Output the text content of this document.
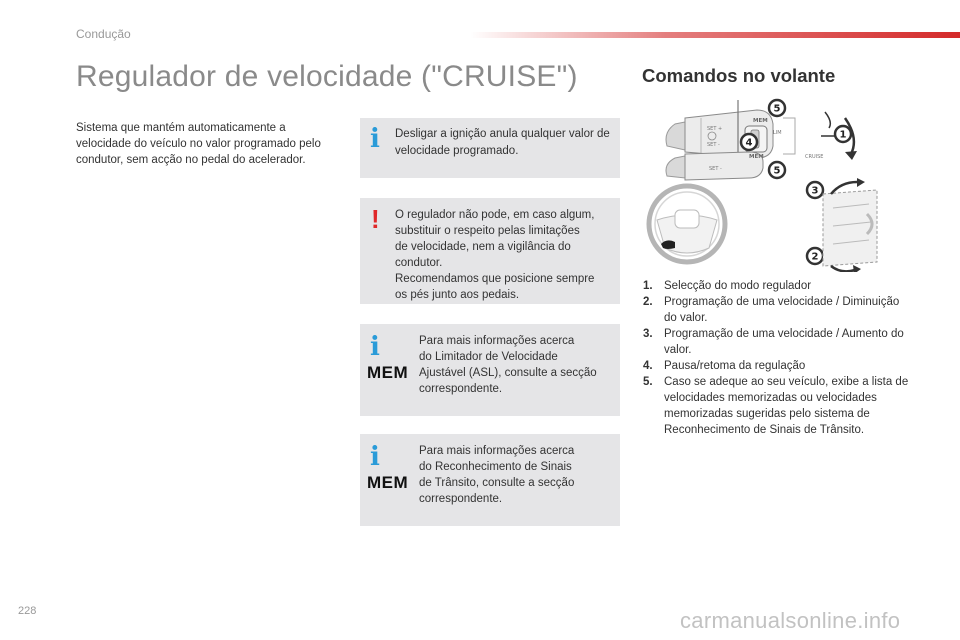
Condução
Regulador de velocidade ("CRUISE")

Sistema que mantém automaticamente a velocidade do veículo no valor programado pelo condutor, sem acção no pedal do acelerador.

i Desligar a ignição anula qualquer valor de velocidade programado.

! O regulador não pode, em caso algum,
substituir o respeito pelas limitações
de velocidade, nem a vigilância do
condutor.
Recomendamos que posicione sempre
os pés junto aos pedais.

i
MEM

Para mais informações acerca
do Limitador de Velocidade
Ajustável (ASL), consulte a secção
correspondente.

i
MEM

Para mais informações acerca
do Reconhecimento de Sinais
de Trânsito, consulte a secção
correspondente.

Comandos no volante
SET +
SET -
LIM
MEM
SET -
MEM	CRUISE
5
4
5
1
3
2
1. Selecção do modo regulador
2. Programação de uma velocidade / Diminuição do valor.
3. Programação de uma velocidade / Aumento do valor.
4. Pausa/retoma da regulação
5. Caso se adeque ao seu veículo, exibe a lista de velocidades memorizadas ou velocidades memorizadas sugeridas pelo sistema de Reconhecimento de Sinais de Trânsito.
228	carmanualsonline.info
